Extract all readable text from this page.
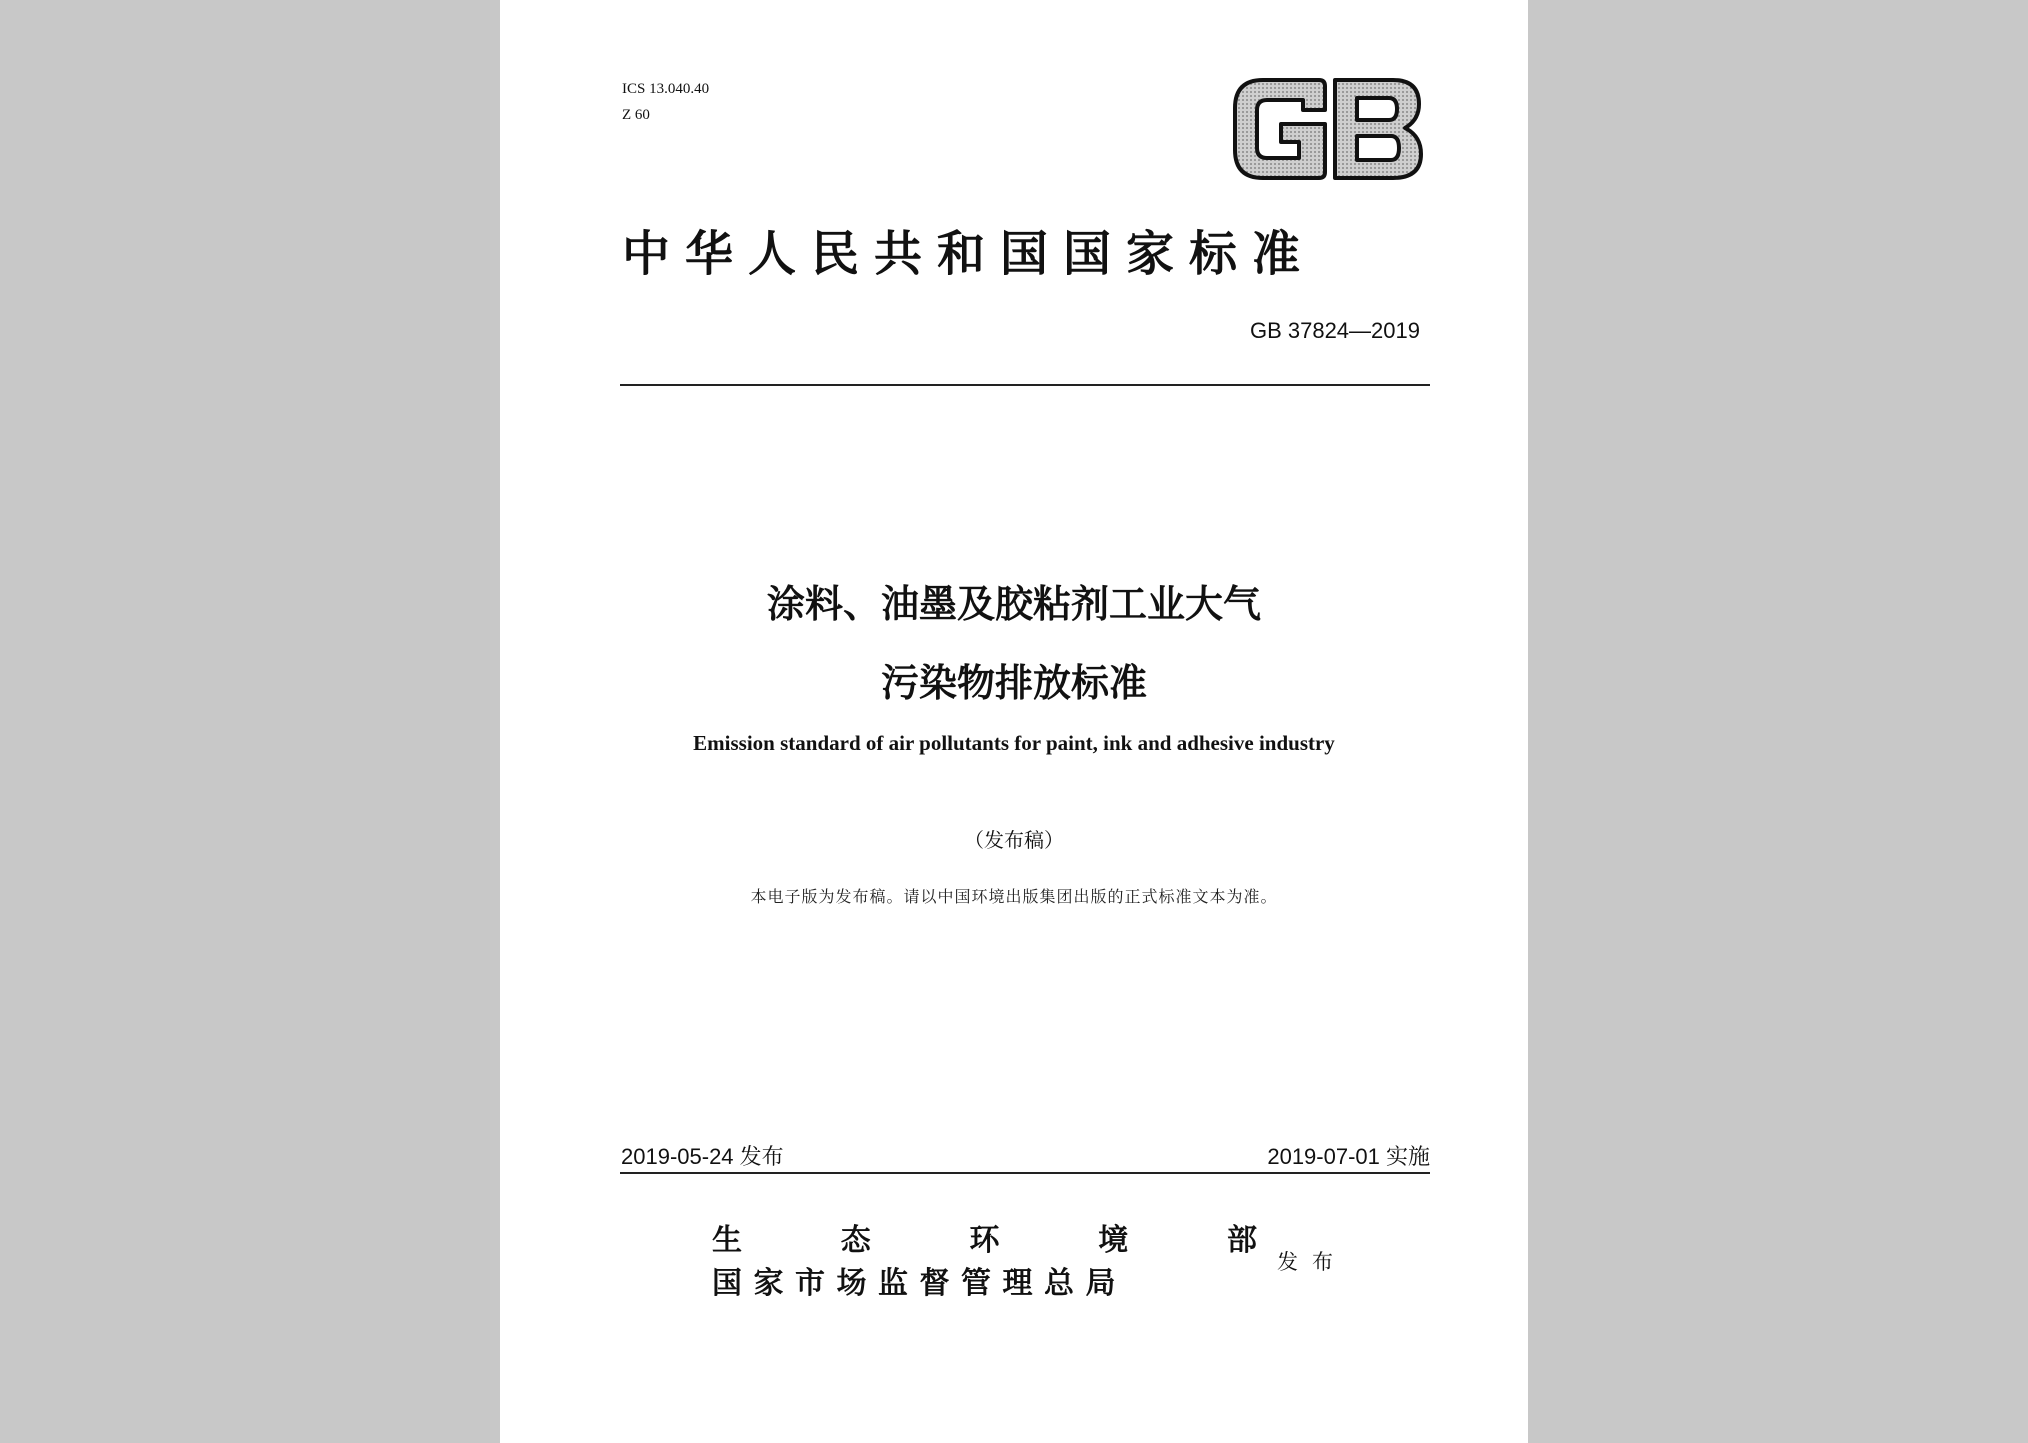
ICS 13.040.40
Z 60
中华人民共和国国家标准
GB 37824—2019
涂料、油墨及胶粘剂工业大气
污染物排放标准
Emission standard of air pollutants for paint, ink and adhesive industry
（发布稿）
本电子版为发布稿。请以中国环境出版集团出版的正式标准文本为准。
2019-05-24 发布	2019-07-01 实施
生	态	环	境	部
国家市场监督管理总局
发布
